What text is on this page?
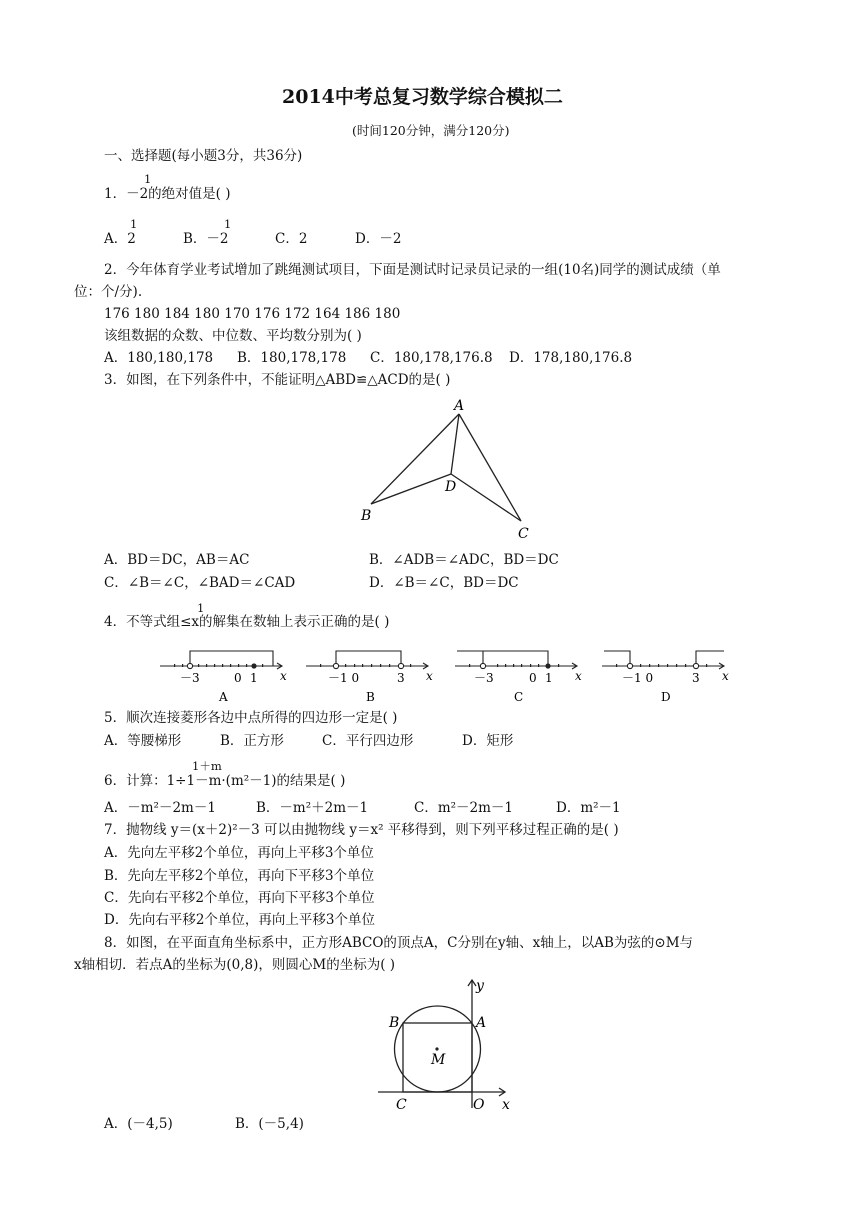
2014中考总复习数学综合模拟二
(时间120分钟，满分120分)
一、选择题(每小题3分，共36分)
1
1．－2的绝对值是( )
1	1
A．2	B．－2	C．2	D．－2
2．今年体育学业考试增加了跳绳测试项目，下面是测试时记录员记录的一组(10名)同学的测试成绩（单
位：个/分).
176 180 184 180 170 176 172 164 186 180
该组数据的众数、中位数、平均数分别为( )
A．180,180,178 B．180,178,178 C．180,178,176.8 D．178,180,176.8
3．如图，在下列条件中，不能证明△ABD≌△ACD的是( )
A
B
C
D
A．BD＝DC，AB＝AC	B．∠ADB＝∠ADC，BD＝DC
C．∠B＝∠C，∠BAD＝∠CAD	D．∠B＝∠C，BD＝DC
1
4．不等式组≤x的解集在数轴上表示正确的是( )
－3	0 1 x
A
－1 0	3 x
B
－3	0 1 x
C
－1 0	3 x
D
5．顺次连接菱形各边中点所得的四边形一定是( )
A．等腰梯形	B．正方形	C．平行四边形	D．矩形
1＋m
6．计算：1÷1－m·(m²－1)的结果是( )
A．－m²－2m－1	B．－m²＋2m－1	C．m²－2m－1	D．m²－1
7．抛物线 y＝(x＋2)²－3 可以由抛物线 y＝x² 平移得到，则下列平移过程正确的是( )
A．先向左平移2个单位，再向上平移3个单位
B．先向左平移2个单位，再向下平移3个单位
C．先向右平移2个单位，再向下平移3个单位
D．先向右平移2个单位，再向上平移3个单位
8．如图，在平面直角坐标系中，正方形ABCO的顶点A，C分别在y轴、x轴上，以AB为弦的⊙M与
x轴相切．若点A的坐标为(0,8)，则圆心M的坐标为( )
y
B	A
M
C	O x
A．(－4,5)	B．(－5,4)
